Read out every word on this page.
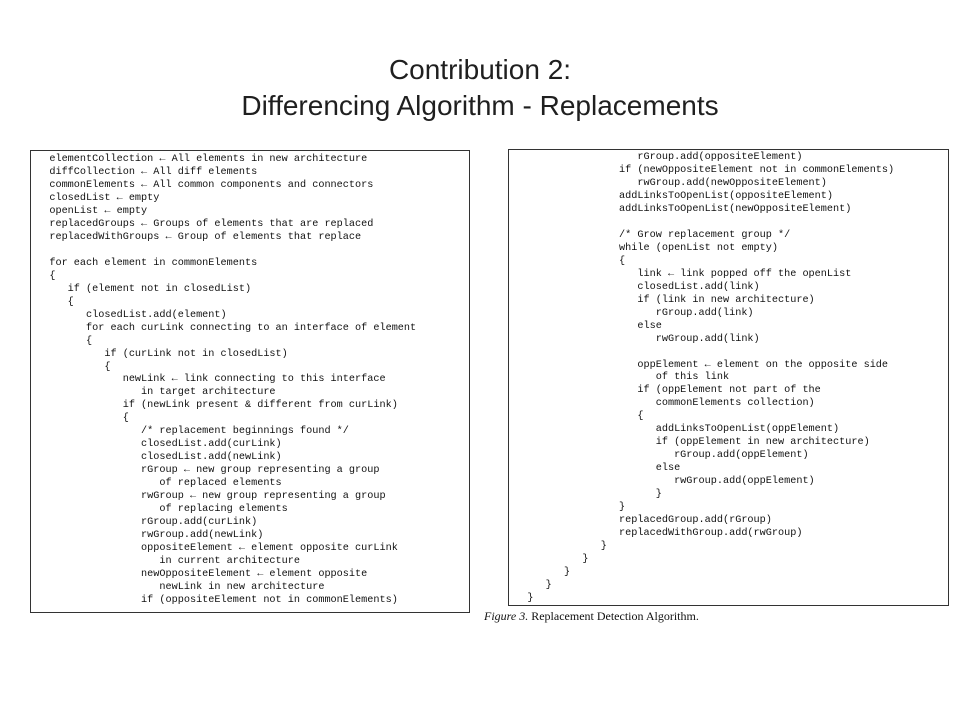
Contribution 2:
Differencing Algorithm - Replacements
elementCollection ← All elements in new architecture
diffCollection ← All diff elements
commonElements ← All common components and connectors
closedList ← empty
openList ← empty
replacedGroups ← Groups of elements that are replaced
replacedWithGroups ← Group of elements that replace
for each element in commonElements
{
if (element not in closedList)
{
closedList.add(element)
for each curLink connecting to an interface of element
{
if (curLink not in closedList)
{
newLink ← link connecting to this interface
in target architecture
if (newLink present & different from curLink)
{
/* replacement beginnings found */
closedList.add(curLink)
closedList.add(newLink)
rGroup ← new group representing a group
of replaced elements
rwGroup ← new group representing a group
of replacing elements
rGroup.add(curLink)
rwGroup.add(newLink)
oppositeElement ← element opposite curLink
in current architecture
newOppositeElement ← element opposite
newLink in new architecture
if (oppositeElement not in commonElements)
rGroup.add(oppositeElement)
if (newOppositeElement not in commonElements)
rwGroup.add(newOppositeElement)
addLinksToOpenList(oppositeElement)
addLinksToOpenList(newOppositeElement)
/* Grow replacement group */
while (openList not empty)
{
link ← link popped off the openList
closedList.add(link)
if (link in new architecture)
rGroup.add(link)
else
rwGroup.add(link)
oppElement ← element on the opposite side
of this link
if (oppElement not part of the
commonElements collection)
{
addLinksToOpenList(oppElement)
if (oppElement in new architecture)
rGroup.add(oppElement)
else
rwGroup.add(oppElement)
}
}
replacedGroup.add(rGroup)
replacedWithGroup.add(rwGroup)
}
}
}
}
}
Figure 3. Replacement Detection Algorithm.
